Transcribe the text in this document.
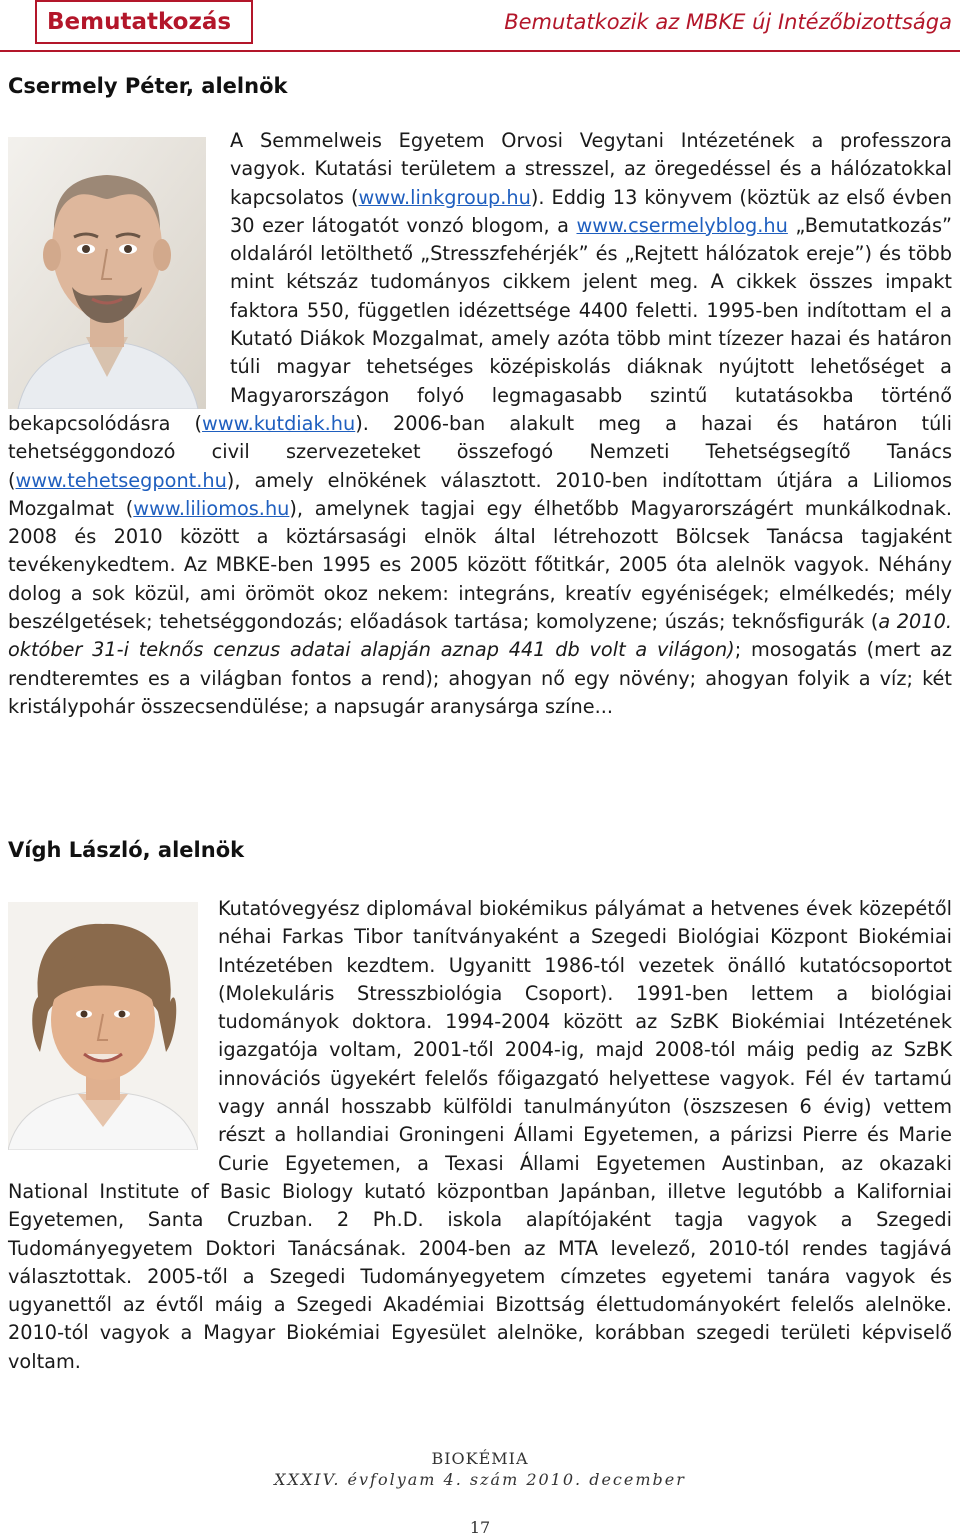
Bemutatkozás	Bemutatkozik az MBKE új Intézőbizottsága
Csermely Péter, alelnök

A Semmelweis Egyetem Orvosi Vegytani Intézetének a professzora vagyok. Kutatási területem a stresszel, az öregedéssel és a hálózatokkal kapcsolatos (www.linkgroup.hu). Eddig 13 könyvem (köztük az első évben 30 ezer látogatót vonzó blogom, a www.csermelyblog.hu „Bemutatkozás” oldaláról letölthető „Stresszfehérjék” és „Rejtett hálózatok ereje”) és több mint kétszáz tudományos cikkem jelent meg. A cikkek összes impakt faktora 550, független idézettsége 4400 feletti. 1995-ben indítottam el a Kutató Diákok Mozgalmat, amely azóta több mint tízezer hazai és határon túli magyar tehetséges középiskolás diáknak nyújtott lehetőséget a Magyarországon folyó legmagasabb szintű kutatásokba történő bekapcsolódásra (www.kutdiak.hu). 2006-ban alakult meg a hazai és határon túli tehetséggondozó civil szervezeteket összefogó Nemzeti Tehetségsegítő Tanács (www.tehetsegpont.hu), amely elnökének választott. 2010-ben indítottam útjára a Liliomos Mozgalmat (www.liliomos.hu), amelynek tagjai egy élhetőbb Magyarországért munkálkodnak. 2008 és 2010 között a köztársasági elnök által létrehozott Bölcsek Tanácsa tagjaként tevékenykedtem. Az MBKE-ben 1995 es 2005 között főtitkár, 2005 óta alelnök vagyok. Néhány dolog a sok közül, ami örömöt okoz nekem: integráns, kreatív egyéniségek; elmélkedés; mély beszélgetések; tehetséggondozás; előadások tartása; komolyzene; úszás; teknősfigurák (a 2010. október 31-i teknős cenzus adatai alapján aznap 441 db volt a világon); mosogatás (mert az rendteremtes es a világban fontos a rend); ahogyan nő egy növény; ahogyan folyik a víz; két kristálypohár összecsendülése; a napsugár aranysárga színe...

Vígh László, alelnök

Kutatóvegyész diplomával biokémikus pályámat a hetvenes évek közepétől néhai Farkas Tibor tanítványaként a Szegedi Biológiai Központ Biokémiai Intézetében kezdtem. Ugyanitt 1986-tól vezetek önálló kutatócsoportot (Molekuláris Stresszbiológia Csoport). 1991-ben lettem a biológiai tudományok doktora. 1994-2004 között az SzBK Biokémiai Intézetének igazgatója voltam, 2001-től 2004-ig, majd 2008-tól máig pedig az SzBK innovációs ügyekért felelős főigazgató helyettese vagyok. Fél év tartamú vagy annál hosszabb külföldi tanulmányúton (öszszesen 6 évig) vettem részt a hollandiai Groningeni Állami Egyetemen, a párizsi Pierre és Marie Curie Egyetemen, a Texasi Állami Egyetemen Austinban, az okazaki National Institute of Basic Biology kutató központban Japánban, illetve legutóbb a Kaliforniai Egyetemen, Santa Cruzban. 2 Ph.D. iskola alapítójaként tagja vagyok a Szegedi Tudományegyetem Doktori Tanácsának. 2004-ben az MTA levelező, 2010-tól rendes tagjává választottak. 2005-től a Szegedi Tudományegyetem címzetes egyetemi tanára vagyok és ugyanettől az évtől máig a Szegedi Akadémiai Bizottság élettudományokért felelős alelnöke. 2010-tól vagyok a Magyar Biokémiai Egyesület alelnöke, korábban szegedi területi képviselő voltam.

BIOKÉMIA
XXXIV. évfolyam 4. szám 2010. december
17
